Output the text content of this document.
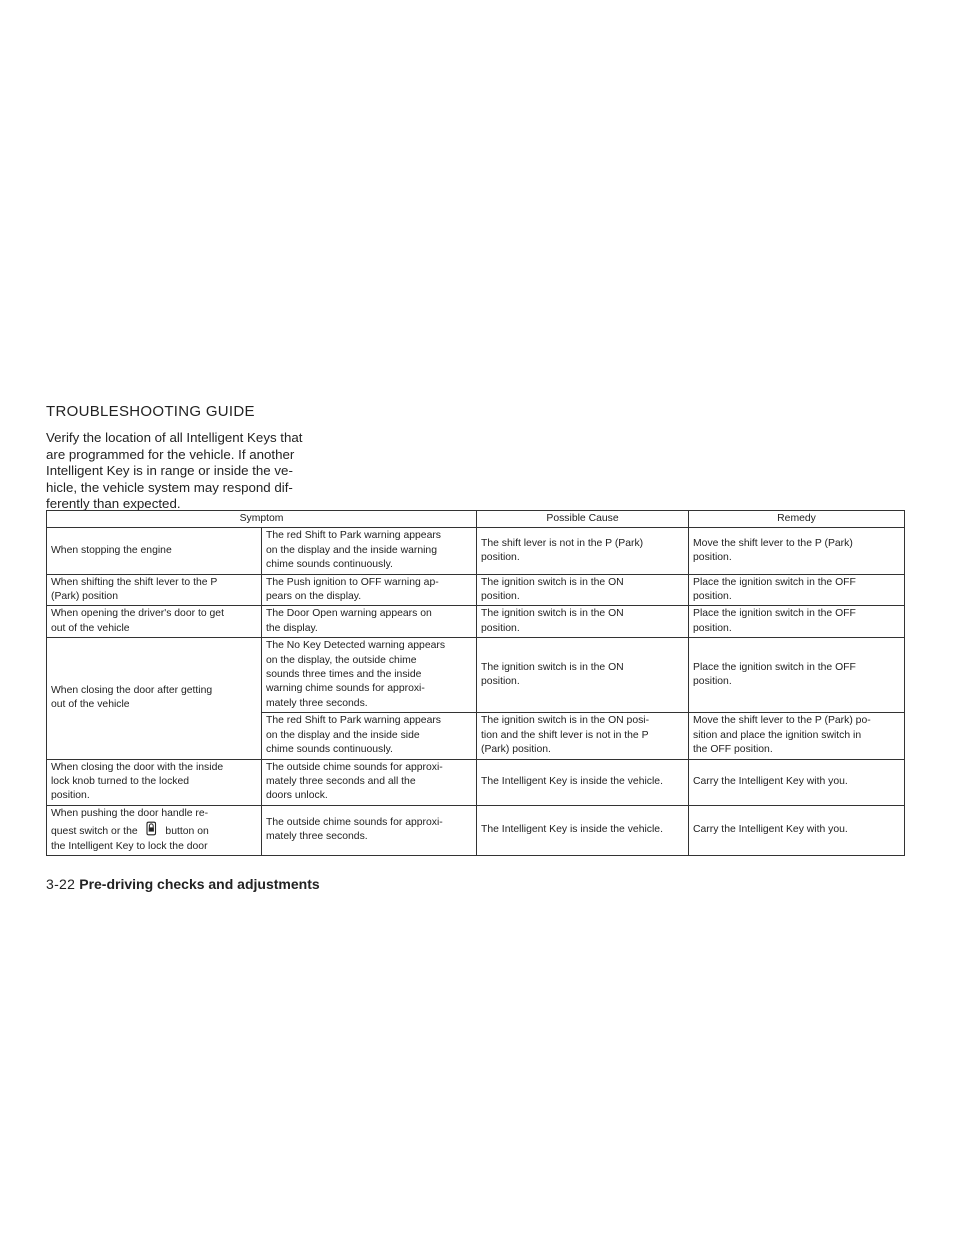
TROUBLESHOOTING GUIDE

Verify the location of all Intelligent Keys that
are programmed for the vehicle. If another
Intelligent Key is in range or inside the ve-
hicle, the vehicle system may respond dif-
ferently than expected.

Symptom		Possible Cause	Remedy

When stopping the engine	The red Shift to Park warning appears
on the display and the inside warning
chime sounds continuously.	The shift lever is not in the P (Park)
position.	Move the shift lever to the P (Park)
position.

When shifting the shift lever to the P
(Park) position	The Push ignition to OFF warning ap-
pears on the display.	The ignition switch is in the ON
position.	Place the ignition switch in the OFF
position.

When opening the driver's door to get
out of the vehicle	The Door Open warning appears on
the display.	The ignition switch is in the ON
position.	Place the ignition switch in the OFF
position.

When closing the door after getting
out of the vehicle	The No Key Detected warning appears
on the display, the outside chime
sounds three times and the inside
warning chime sounds for approxi-
mately three seconds.	The ignition switch is in the ON
position.	Place the ignition switch in the OFF
position.

	The red Shift to Park warning appears
on the display and the inside side
chime sounds continuously.	The ignition switch is in the ON posi-
tion and the shift lever is not in the P
(Park) position.	Move the shift lever to the P (Park) po-
sition and place the ignition switch in
the OFF position.

When closing the door with the inside
lock knob turned to the locked
position.	The outside chime sounds for approxi-
mately three seconds and all the
doors unlock.	The Intelligent Key is inside the vehicle.	Carry the Intelligent Key with you.

When pushing the door handle re-
quest switch or the button on
the Intelligent Key to lock the door	The outside chime sounds for approxi-
mately three seconds.	The Intelligent Key is inside the vehicle.	Carry the Intelligent Key with you.

3-22 Pre-driving checks and adjustments
